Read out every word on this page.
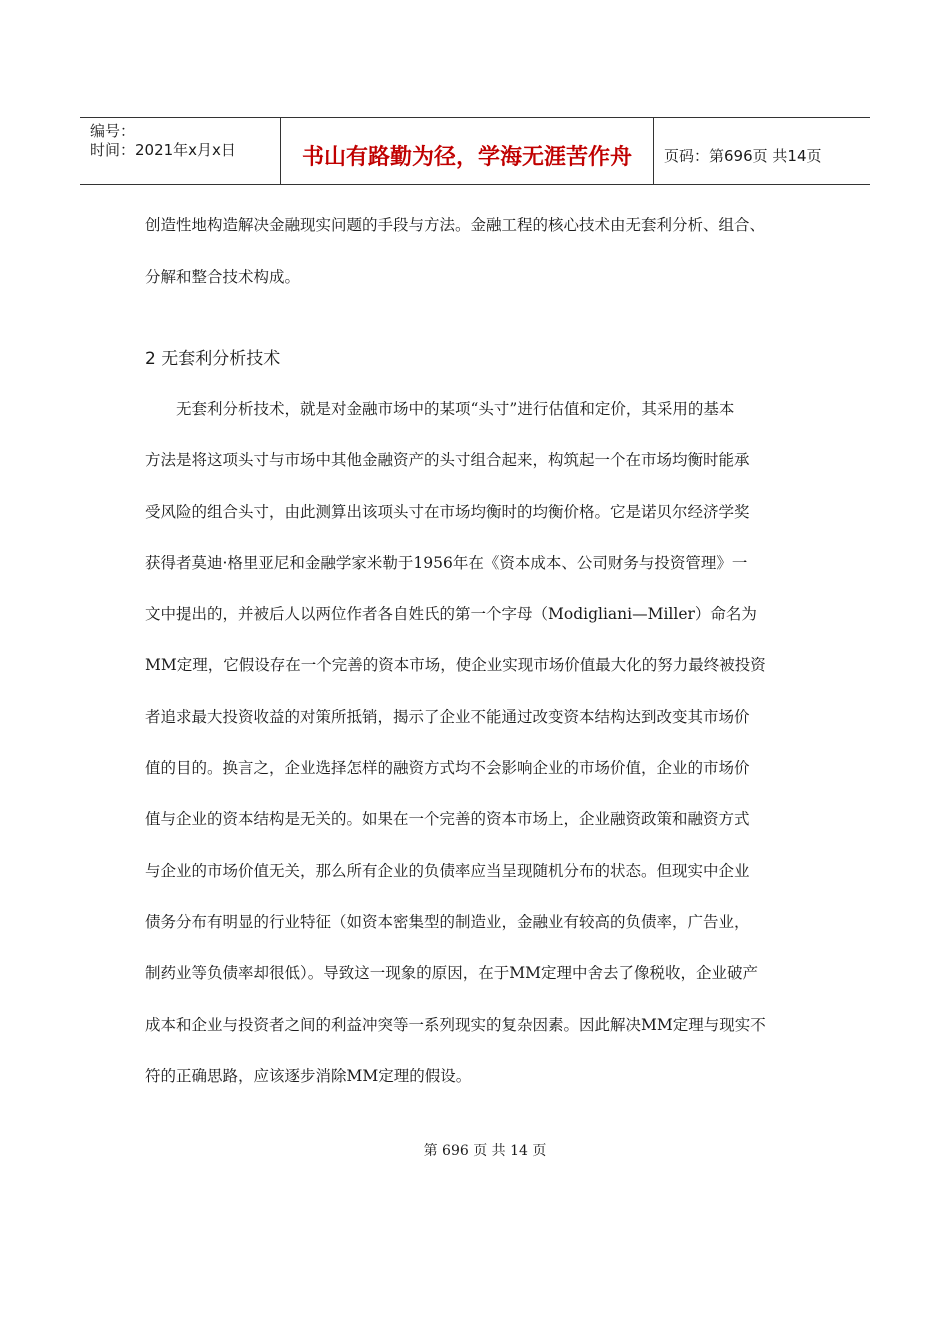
编号：
时间：2021年x月x日	书山有路勤为径，学海无涯苦作舟	页码：第696页 共14页
创造性地构造解决金融现实问题的手段与方法。金融工程的核心技术由无套利分析、组合、
分解和整合技术构成。
2 无套利分析技术
　　无套利分析技术，就是对金融市场中的某项“头寸”进行估值和定价，其采用的基本
方法是将这项头寸与市场中其他金融资产的头寸组合起来，构筑起一个在市场均衡时能承
受风险的组合头寸，由此测算出该项头寸在市场均衡时的均衡价格。它是诺贝尔经济学奖
获得者莫迪·格里亚尼和金融学家米勒于1956年在《资本成本、公司财务与投资管理》一
文中提出的，并被后人以两位作者各自姓氏的第一个字母（Modigliani—Miller）命名为
MM定理，它假设存在一个完善的资本市场，使企业实现市场价值最大化的努力最终被投资
者追求最大投资收益的对策所抵销，揭示了企业不能通过改变资本结构达到改变其市场价
值的目的。换言之，企业选择怎样的融资方式均不会影响企业的市场价值，企业的市场价
值与企业的资本结构是无关的。如果在一个完善的资本市场上，企业融资政策和融资方式
与企业的市场价值无关，那么所有企业的负债率应当呈现随机分布的状态。但现实中企业
债务分布有明显的行业特征（如资本密集型的制造业，金融业有较高的负债率，广告业，
制药业等负债率却很低）。导致这一现象的原因，在于MM定理中舍去了像税收，企业破产
成本和企业与投资者之间的利益冲突等一系列现实的复杂因素。因此解决MM定理与现实不
符的正确思路，应该逐步消除MM定理的假设。
第 696 页 共 14 页
